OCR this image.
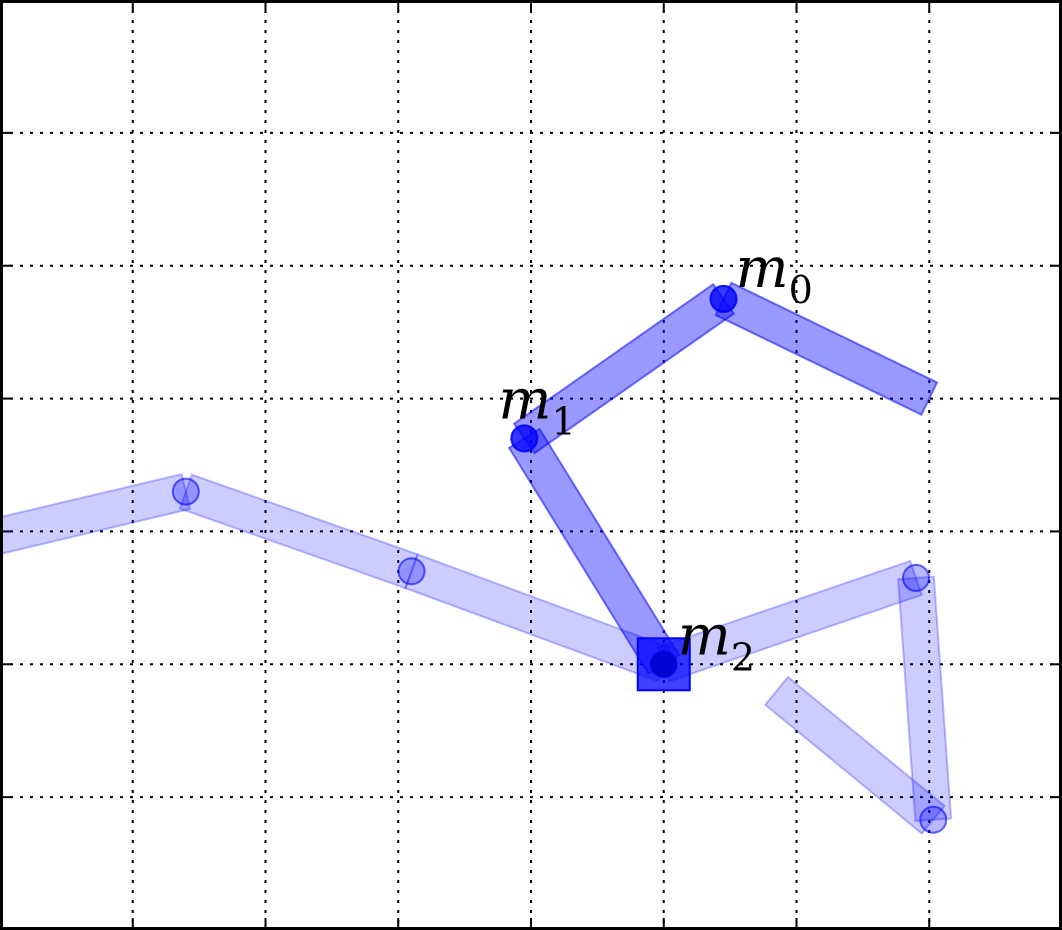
$m_0$
$m_1$
$m_2$
